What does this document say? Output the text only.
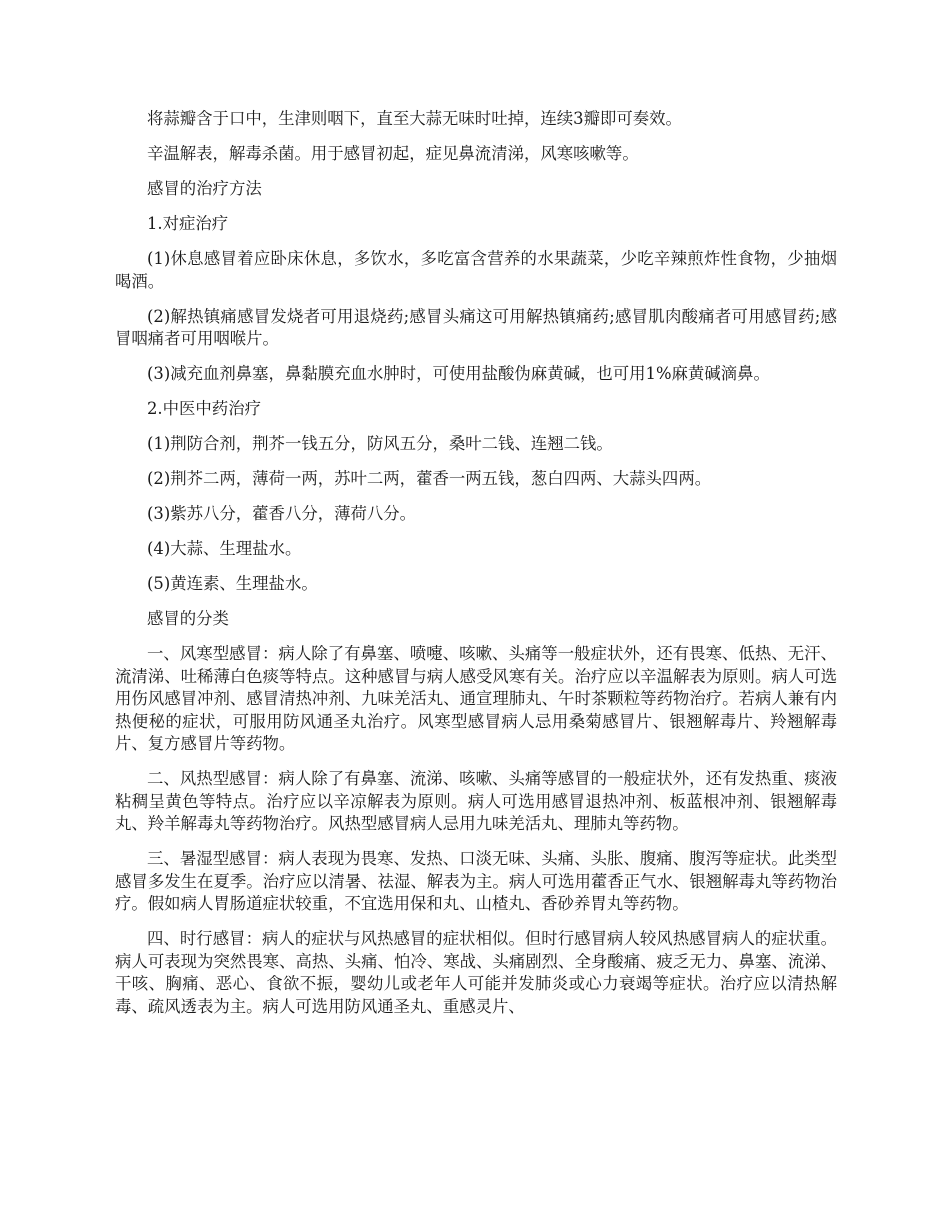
将蒜瓣含于口中，生津则咽下，直至大蒜无味时吐掉，连续3瓣即可奏效。

辛温解表，解毒杀菌。用于感冒初起，症见鼻流清涕，风寒咳嗽等。

感冒的治疗方法

1.对症治疗

(1)休息感冒着应卧床休息，多饮水，多吃富含营养的水果蔬菜，少吃辛辣煎炸性食物，少抽烟喝酒。

(2)解热镇痛感冒发烧者可用退烧药;感冒头痛这可用解热镇痛药;感冒肌肉酸痛者可用感冒药;感冒咽痛者可用咽喉片。

(3)减充血剂鼻塞，鼻黏膜充血水肿时，可使用盐酸伪麻黄碱，也可用1%麻黄碱滴鼻。

2.中医中药治疗

(1)荆防合剂，荆芥一钱五分，防风五分，桑叶二钱、连翘二钱。

(2)荆芥二两，薄荷一两，苏叶二两，藿香一两五钱，葱白四两、大蒜头四两。

(3)紫苏八分，藿香八分，薄荷八分。

(4)大蒜、生理盐水。

(5)黄连素、生理盐水。

感冒的分类

一、风寒型感冒：病人除了有鼻塞、喷嚏、咳嗽、头痛等一般症状外，还有畏寒、低热、无汗、流清涕、吐稀薄白色痰等特点。这种感冒与病人感受风寒有关。治疗应以辛温解表为原则。病人可选用伤风感冒冲剂、感冒清热冲剂、九味羌活丸、通宣理肺丸、午时茶颗粒等药物治疗。若病人兼有内热便秘的症状，可服用防风通圣丸治疗。风寒型感冒病人忌用桑菊感冒片、银翘解毒片、羚翘解毒片、复方感冒片等药物。

二、风热型感冒：病人除了有鼻塞、流涕、咳嗽、头痛等感冒的一般症状外，还有发热重、痰液粘稠呈黄色等特点。治疗应以辛凉解表为原则。病人可选用感冒退热冲剂、板蓝根冲剂、银翘解毒丸、羚羊解毒丸等药物治疗。风热型感冒病人忌用九味羌活丸、理肺丸等药物。

三、暑湿型感冒：病人表现为畏寒、发热、口淡无味、头痛、头胀、腹痛、腹泻等症状。此类型感冒多发生在夏季。治疗应以清暑、祛湿、解表为主。病人可选用藿香正气水、银翘解毒丸等药物治疗。假如病人胃肠道症状较重，不宜选用保和丸、山楂丸、香砂养胃丸等药物。

四、时行感冒：病人的症状与风热感冒的症状相似。但时行感冒病人较风热感冒病人的症状重。病人可表现为突然畏寒、高热、头痛、怕冷、寒战、头痛剧烈、全身酸痛、疲乏无力、鼻塞、流涕、干咳、胸痛、恶心、食欲不振，婴幼儿或老年人可能并发肺炎或心力衰竭等症状。治疗应以清热解毒、疏风透表为主。病人可选用防风通圣丸、重感灵片、
